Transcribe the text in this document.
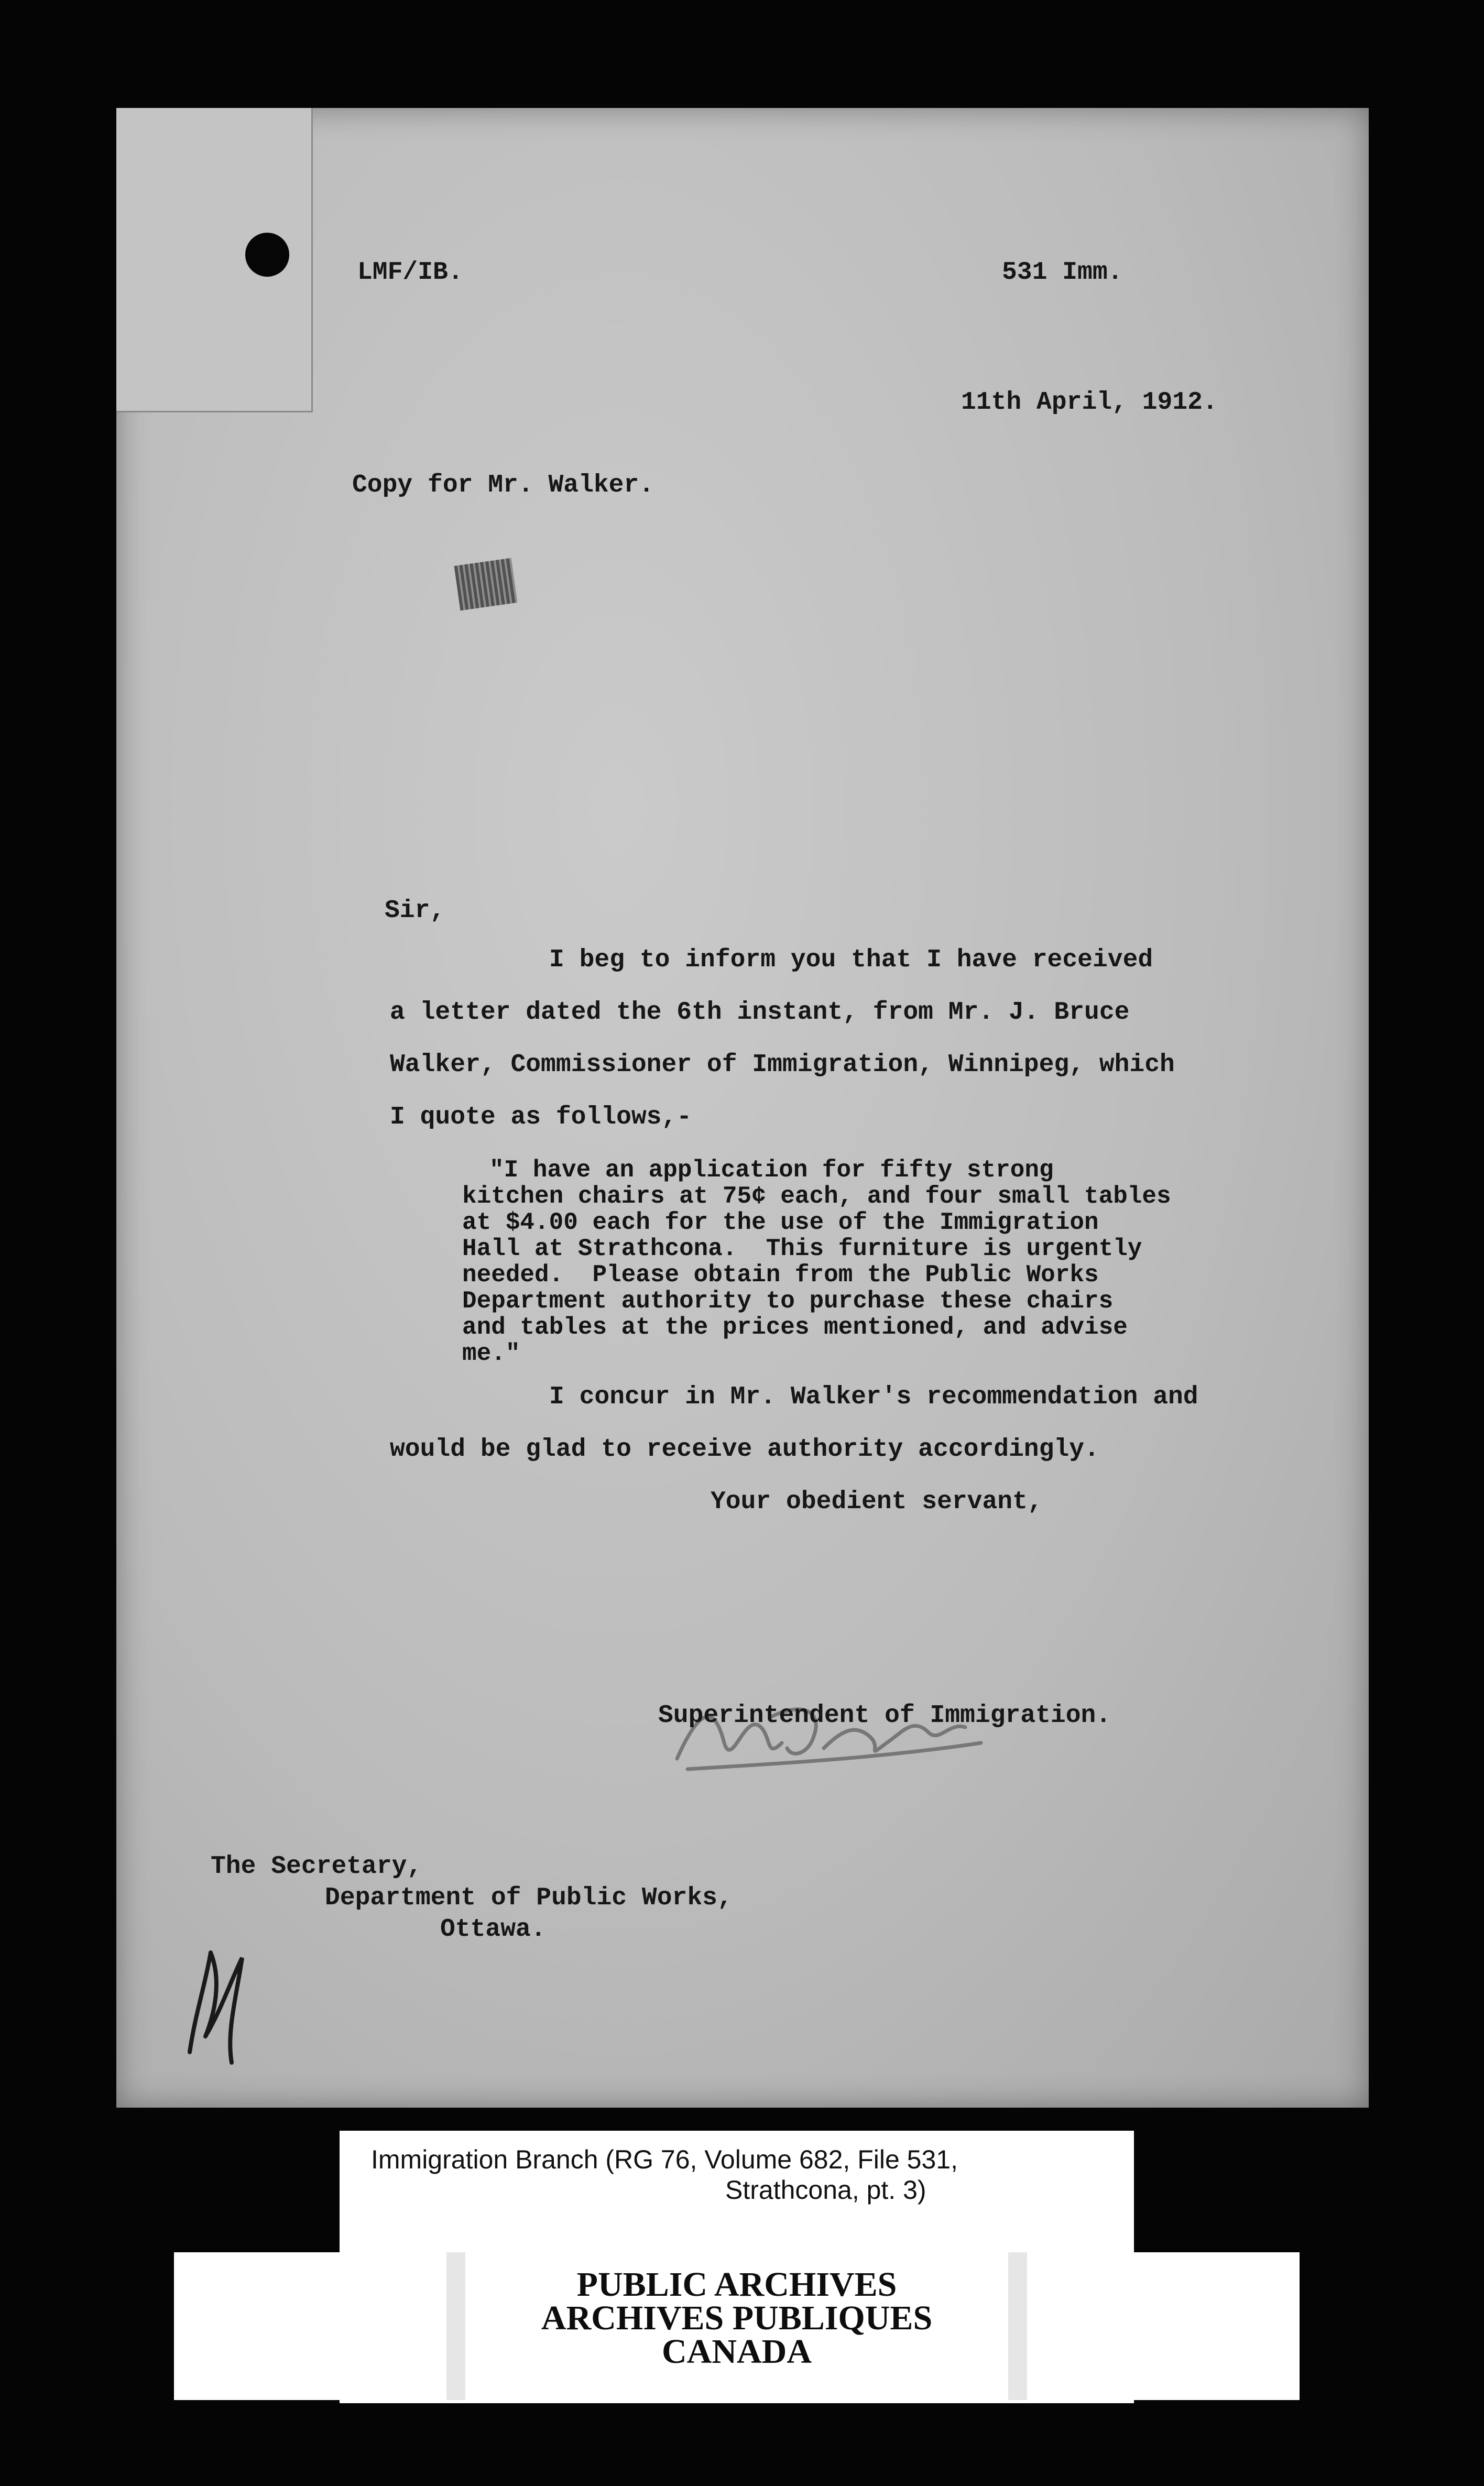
LMF/IB.	531 Imm.
11th April, 1912.
Copy for Mr. Walker.
Sir,
I beg to inform you that I have received
a letter dated the 6th instant, from Mr. J. Bruce
Walker, Commissioner of Immigration, Winnipeg, which
I quote as follows,-
"I have an application for fifty strong
kitchen chairs at 75¢ each, and four small tables
at $4.00 each for the use of the Immigration
Hall at Strathcona.  This furniture is urgently
needed.  Please obtain from the Public Works
Department authority to purchase these chairs
and tables at the prices mentioned, and advise
me."
I concur in Mr. Walker's recommendation and
would be glad to receive authority accordingly.
Your obedient servant,
Superintendent of Immigration.
The Secretary,
Department of Public Works,
Ottawa.
Immigration Branch (RG 76, Volume 682, File 531,
Strathcona, pt. 3)
PUBLIC ARCHIVES
ARCHIVES PUBLIQUES
CANADA
